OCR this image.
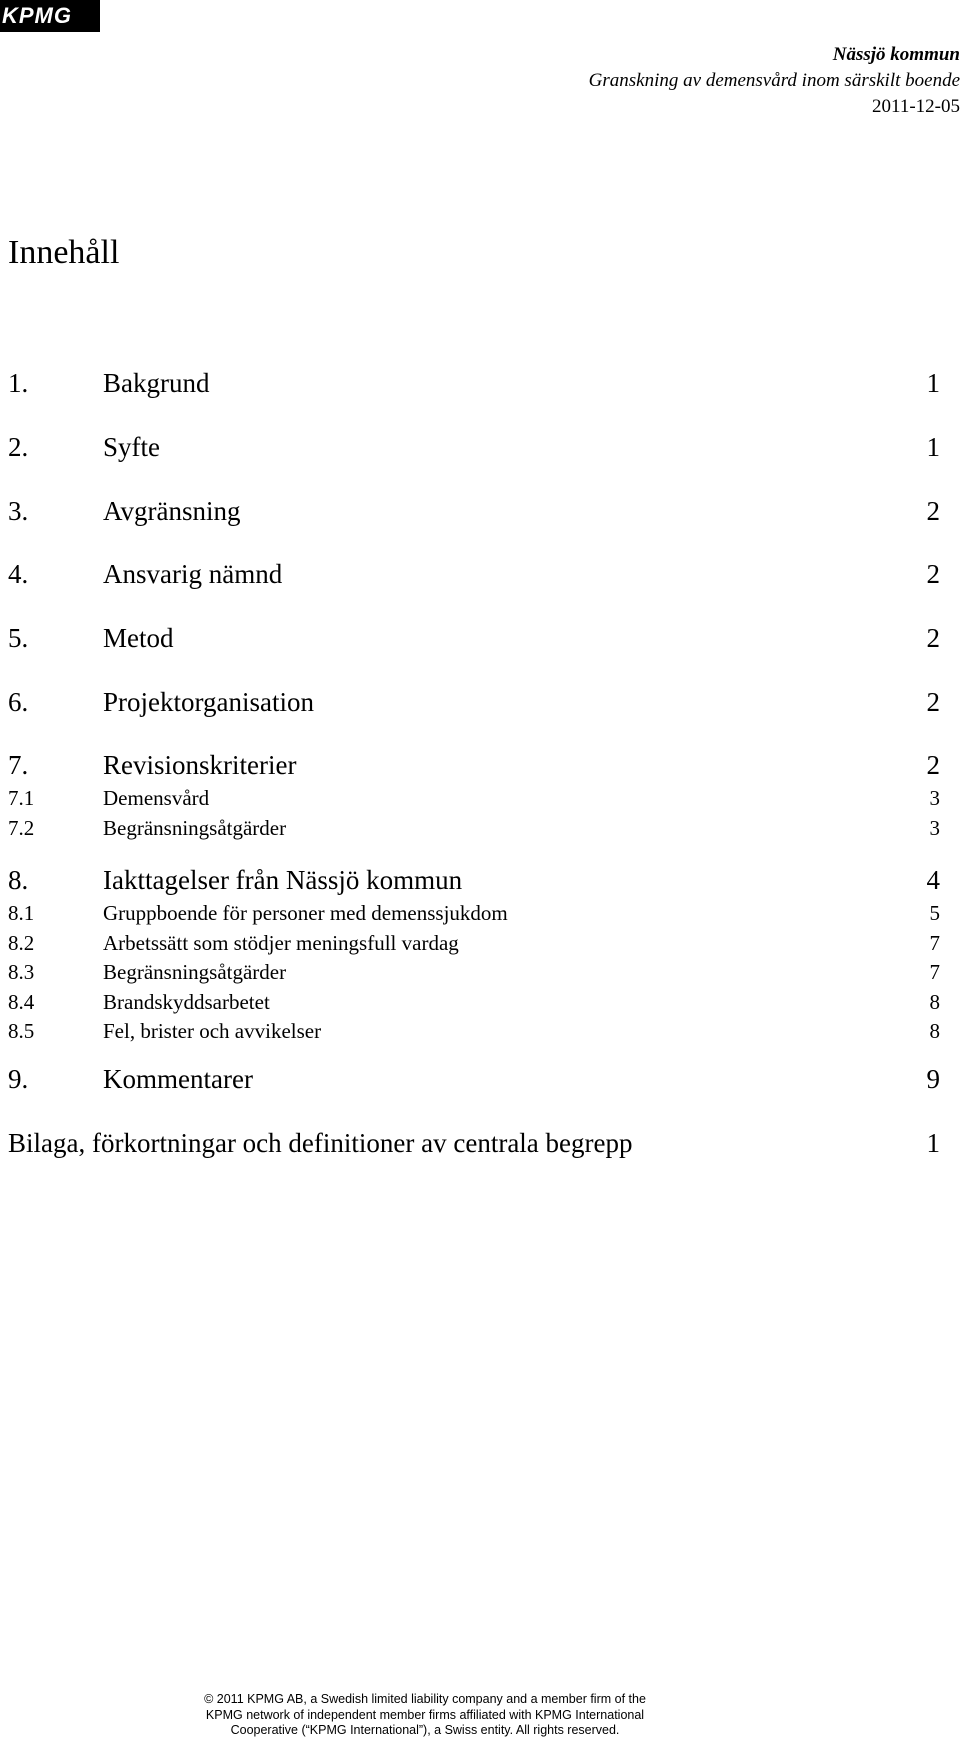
KPMG
Nässjö kommun
Granskning av demensvård inom särskilt boende
2011-12-05
Innehåll
1.	Bakgrund	1
2.	Syfte	1
3.	Avgränsning	2
4.	Ansvarig nämnd	2
5.	Metod	2
6.	Projektorganisation	2
7.	Revisionskriterier	2
7.1	Demensvård	3
7.2	Begränsningsåtgärder	3
8.	Iakttagelser från Nässjö kommun	4
8.1	Gruppboende för personer med demenssjukdom	5
8.2	Arbetssätt som stödjer meningsfull vardag	7
8.3	Begränsningsåtgärder	7
8.4	Brandskyddsarbetet	8
8.5	Fel, brister och avvikelser	8
9.	Kommentarer	9
Bilaga, förkortningar och definitioner av centrala begrepp	1
© 2011 KPMG AB, a Swedish limited liability company and a member firm of the
KPMG network of independent member firms affiliated with KPMG International
Cooperative (“KPMG International”), a Swiss entity. All rights reserved.
